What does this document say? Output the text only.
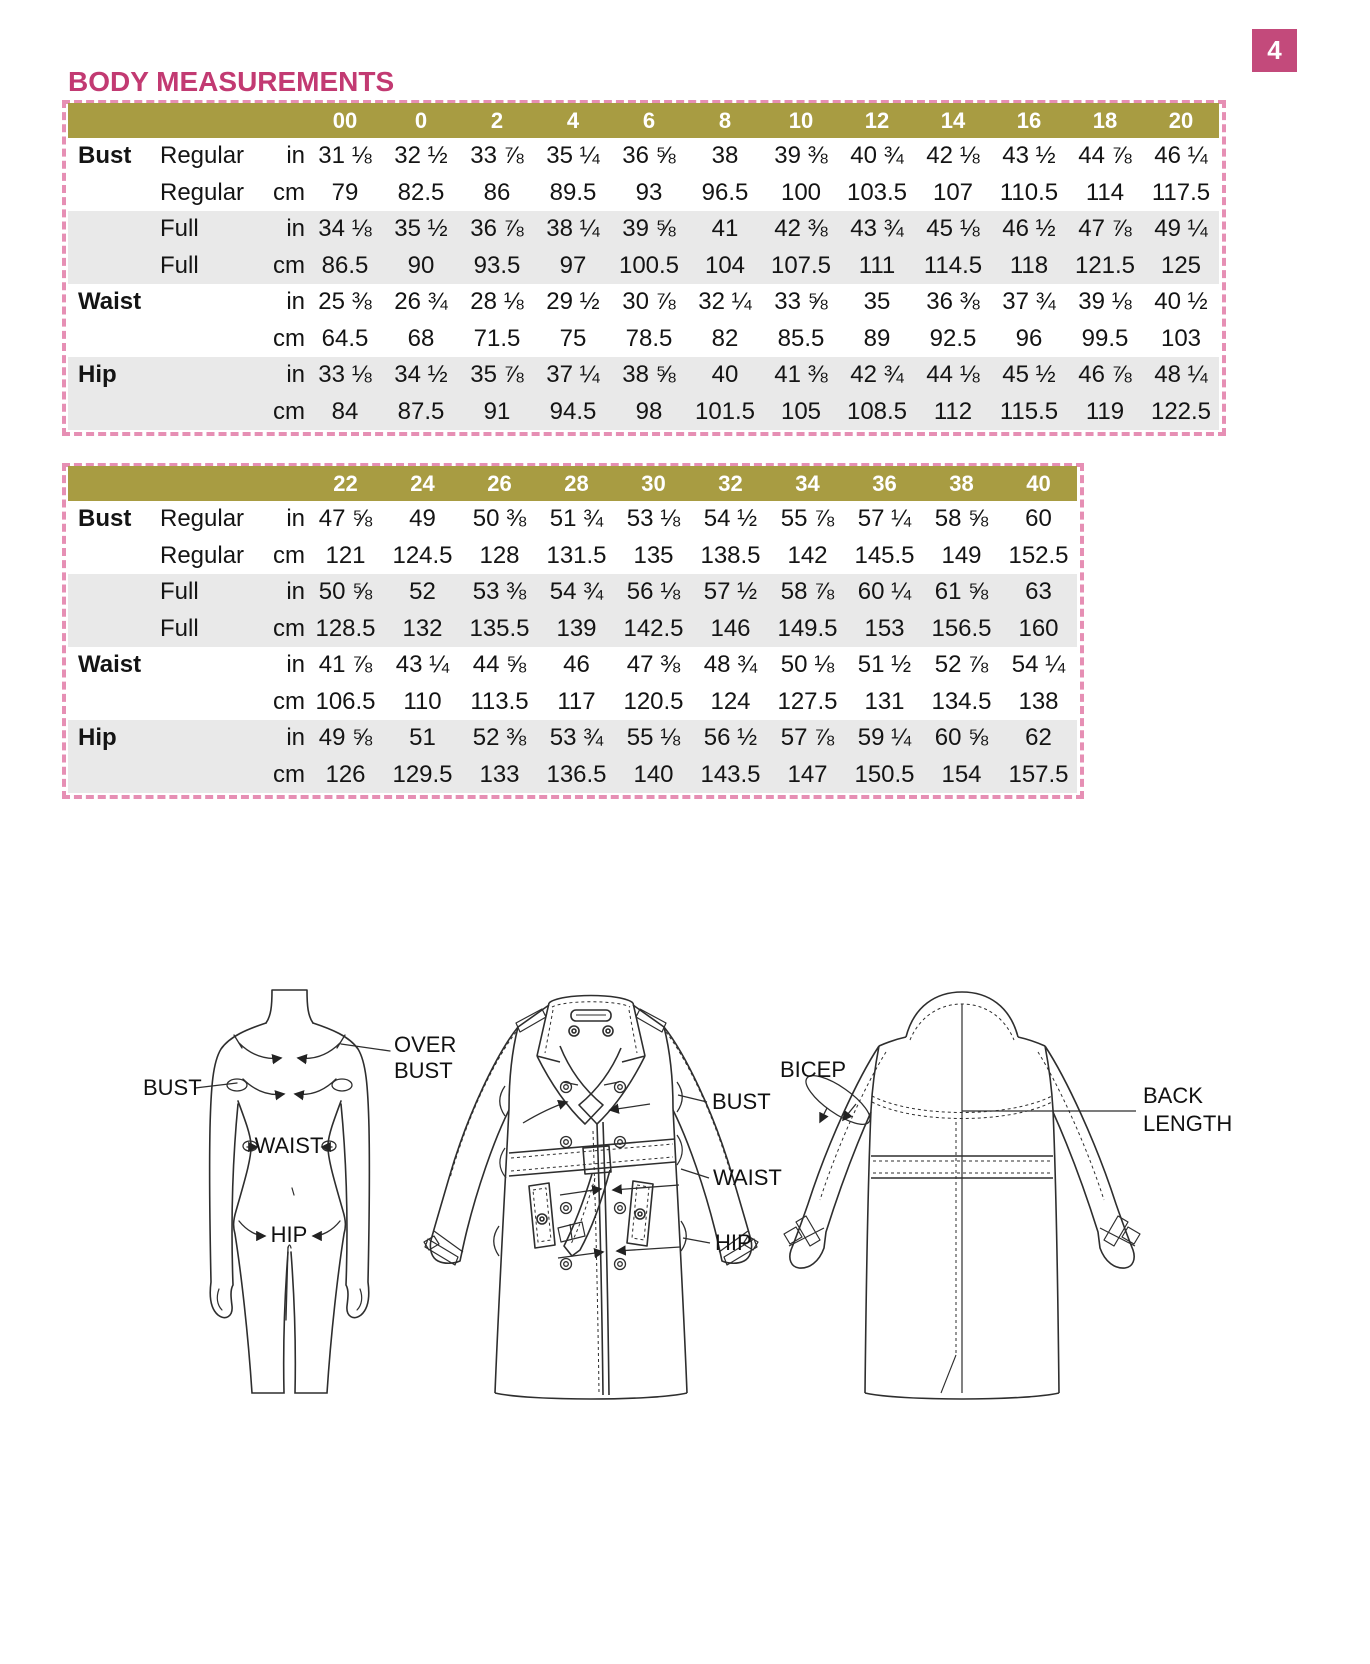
4
BODY MEASUREMENTS
			00	0	2	4	6	8	10	12	14	16	18	20
Bust	Regular	in	31 ⅛	32 ½	33 ⅞	35 ¼	36 ⅝	38	39 ⅜	40 ¾	42 ⅛	43 ½	44 ⅞	46 ¼
	Regular	cm	79	82.5	86	89.5	93	96.5	100	103.5	107	110.5	114	117.5
	Full	in	34 ⅛	35 ½	36 ⅞	38 ¼	39 ⅝	41	42 ⅜	43 ¾	45 ⅛	46 ½	47 ⅞	49 ¼
	Full	cm	86.5	90	93.5	97	100.5	104	107.5	111	114.5	118	121.5	125
Waist		in	25 ⅜	26 ¾	28 ⅛	29 ½	30 ⅞	32 ¼	33 ⅝	35	36 ⅜	37 ¾	39 ⅛	40 ½
		cm	64.5	68	71.5	75	78.5	82	85.5	89	92.5	96	99.5	103
Hip		in	33 ⅛	34 ½	35 ⅞	37 ¼	38 ⅝	40	41 ⅜	42 ¾	44 ⅛	45 ½	46 ⅞	48 ¼
		cm	84	87.5	91	94.5	98	101.5	105	108.5	112	115.5	119	122.5
			22	24	26	28	30	32	34	36	38	40
Bust	Regular	in	47 ⅝	49	50 ⅜	51 ¾	53 ⅛	54 ½	55 ⅞	57 ¼	58 ⅝	60
	Regular	cm	121	124.5	128	131.5	135	138.5	142	145.5	149	152.5
	Full	in	50 ⅝	52	53 ⅜	54 ¾	56 ⅛	57 ½	58 ⅞	60 ¼	61 ⅝	63
	Full	cm	128.5	132	135.5	139	142.5	146	149.5	153	156.5	160
Waist		in	41 ⅞	43 ¼	44 ⅝	46	47 ⅜	48 ¾	50 ⅛	51 ½	52 ⅞	54 ¼
		cm	106.5	110	113.5	117	120.5	124	127.5	131	134.5	138
Hip		in	49 ⅝	51	52 ⅜	53 ¾	55 ⅛	56 ½	57 ⅞	59 ¼	60 ⅝	62
		cm	126	129.5	133	136.5	140	143.5	147	150.5	154	157.5
BUST
OVER
BUST
WAIST
HIP
BUST
WAIST
HIP
BICEP
BACK
LENGTH
